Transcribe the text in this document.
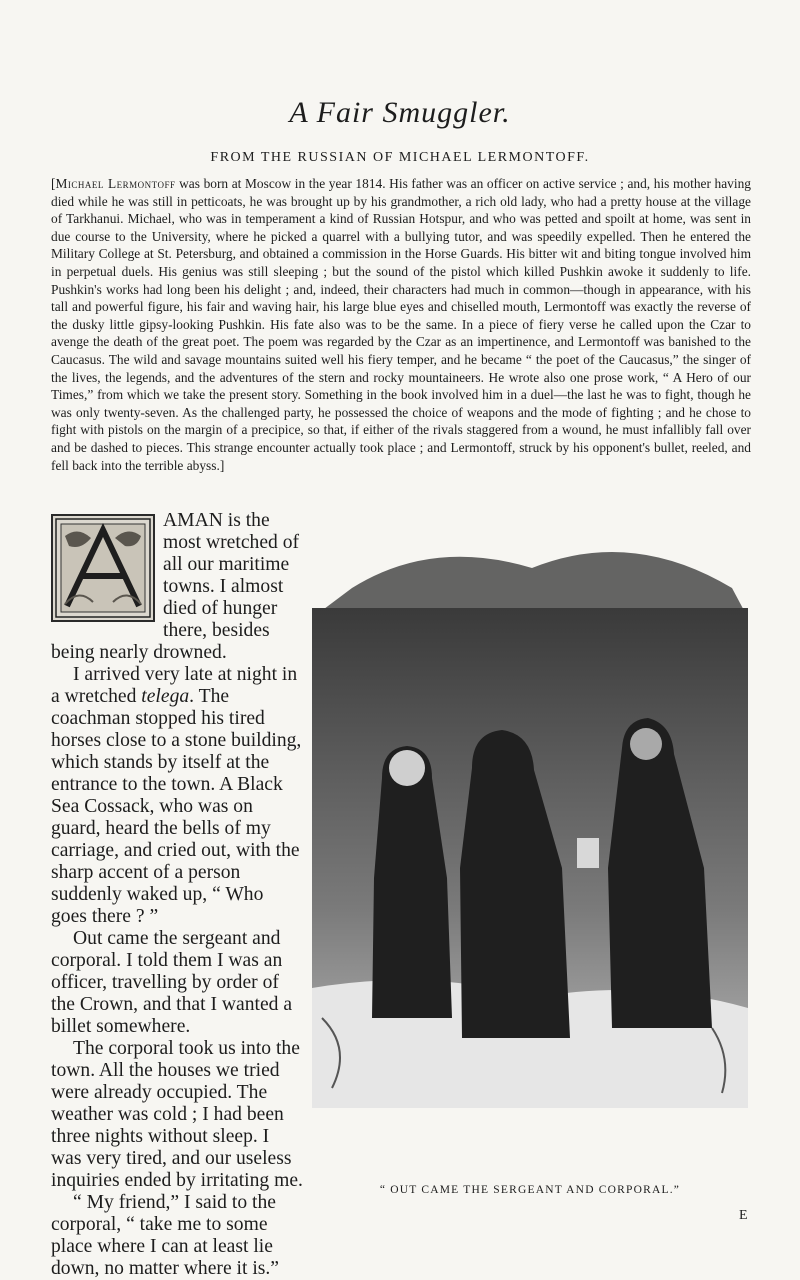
A Fair Smuggler.
FROM THE RUSSIAN OF MICHAEL LERMONTOFF.

[Michael Lermontoff was born at Moscow in the year 1814. His father was an officer on active service ; and, his mother having died while he was still in petticoats, he was brought up by his grandmother, a rich old lady, who had a pretty house at the village of Tarkhanui. Michael, who was in temperament a kind of Russian Hotspur, and who was petted and spoilt at home, was sent in due course to the University, where he picked a quarrel with a bullying tutor, and was speedily expelled. Then he entered the Military College at St. Petersburg, and obtained a commission in the Horse Guards. His bitter wit and biting tongue involved him in perpetual duels. His genius was still sleeping ; but the sound of the pistol which killed Pushkin awoke it suddenly to life. Pushkin's works had long been his delight ; and, indeed, their characters had much in common—though in appearance, with his tall and powerful figure, his fair and waving hair, his large blue eyes and chiselled mouth, Lermontoff was exactly the reverse of the dusky little gipsy-looking Pushkin. His fate also was to be the same. In a piece of fiery verse he called upon the Czar to avenge the death of the great poet. The poem was regarded by the Czar as an impertinence, and Lermontoff was banished to the Caucasus. The wild and savage mountains suited well his fiery temper, and he became “ the poet of the Caucasus,” the singer of the lives, the legends, and the adventures of the stern and rocky mountaineers. He wrote also one prose work, “ A Hero of our Times,” from which we take the present story. Something in the book involved him in a duel—the last he was to fight, though he was only twenty-seven. As the challenged party, he possessed the choice of weapons and the mode of fighting ; and he chose to fight with pistols on the margin of a precipice, so that, if either of the rivals staggered from a wound, he must infallibly fall over and be dashed to pieces. This strange encounter actually took place ; and Lermontoff, struck by his opponent's bullet, reeled, and fell back into the terrible abyss.]

AMAN is the most wretched of all our maritime towns. I almost died of hunger there, besides being nearly drowned.

I arrived very late at night in a wretched telega. The coachman stopped his tired horses close to a stone building, which stands by itself at the entrance to the town. A Black Sea Cossack, who was on guard, heard the bells of my carriage, and cried out, with the sharp accent of a person suddenly waked up, “ Who goes there ? ”

Out came the sergeant and corporal. I told them I was an officer, travelling by order of the Crown, and that I wanted a billet somewhere.

The corporal took us into the town. All the houses we tried were already occupied. The weather was cold ; I had been three nights without sleep. I was very tired, and our useless inquiries ended by irritating me.

“ My friend,” I said to the corporal, “ take me to some place where I can at least lie down, no matter where it is.”

“ OUT CAME THE SERGEANT AND CORPORAL.”
E
